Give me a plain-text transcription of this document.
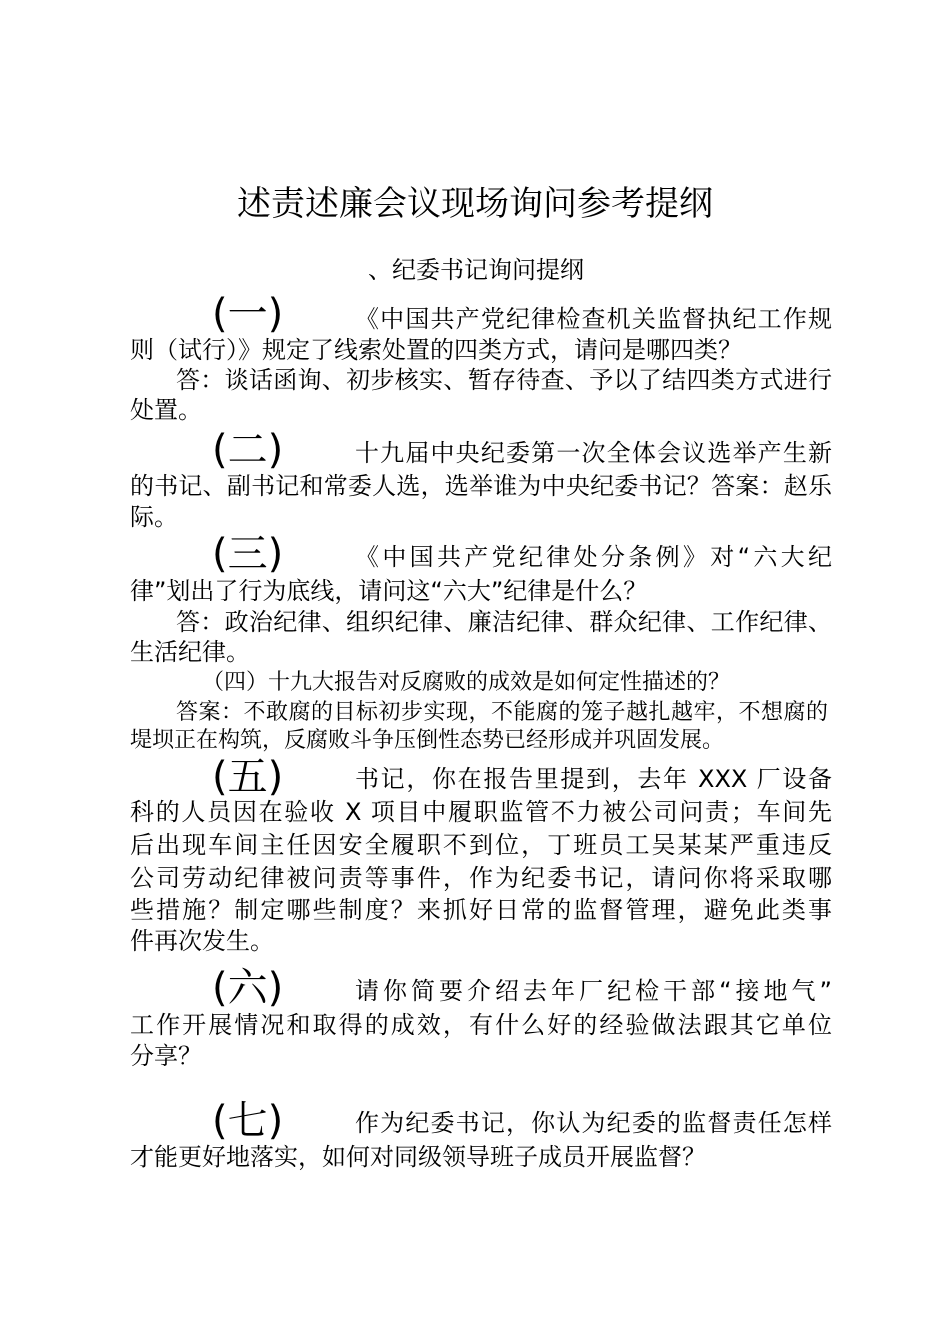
述责述廉会议现场询问参考提纲
、纪委书记询问提纲
(一)	《中国共产党纪律检查机关监督执纪工作规
则（试行）》规定了线索处置的四类方式，请问是哪四类？
答：谈话函询、初步核实、暂存待查、予以了结四类方式进行
处置。
(二)	十九届中央纪委第一次全体会议选举产生新
的书记、副书记和常委人选，选举谁为中央纪委书记？答案：赵乐
际。
(三)	《中国共产党纪律处分条例》对“六大纪
律”划出了行为底线，请问这“六大”纪律是什么？
答：政治纪律、组织纪律、廉洁纪律、群众纪律、工作纪律、
生活纪律。
（四）十九大报告对反腐败的成效是如何定性描述的？
答案：不敢腐的目标初步实现，不能腐的笼子越扎越牢，不想腐的
堤坝正在构筑，反腐败斗争压倒性态势已经形成并巩固发展。
(五)	书记，你在报告里提到，去年 XXX 厂设备
科的人员因在验收 X 项目中履职监管不力被公司问责；车间先
后出现车间主任因安全履职不到位，丁班员工吴某某严重违反
公司劳动纪律被问责等事件，作为纪委书记，请问你将采取哪
些措施？制定哪些制度？来抓好日常的监督管理，避免此类事
件再次发生。
(六)	请你简要介绍去年厂纪检干部“接地气”
工作开展情况和取得的成效，有什么好的经验做法跟其它单位
分享？
(七)	作为纪委书记，你认为纪委的监督责任怎样
才能更好地落实，如何对同级领导班子成员开展监督？
